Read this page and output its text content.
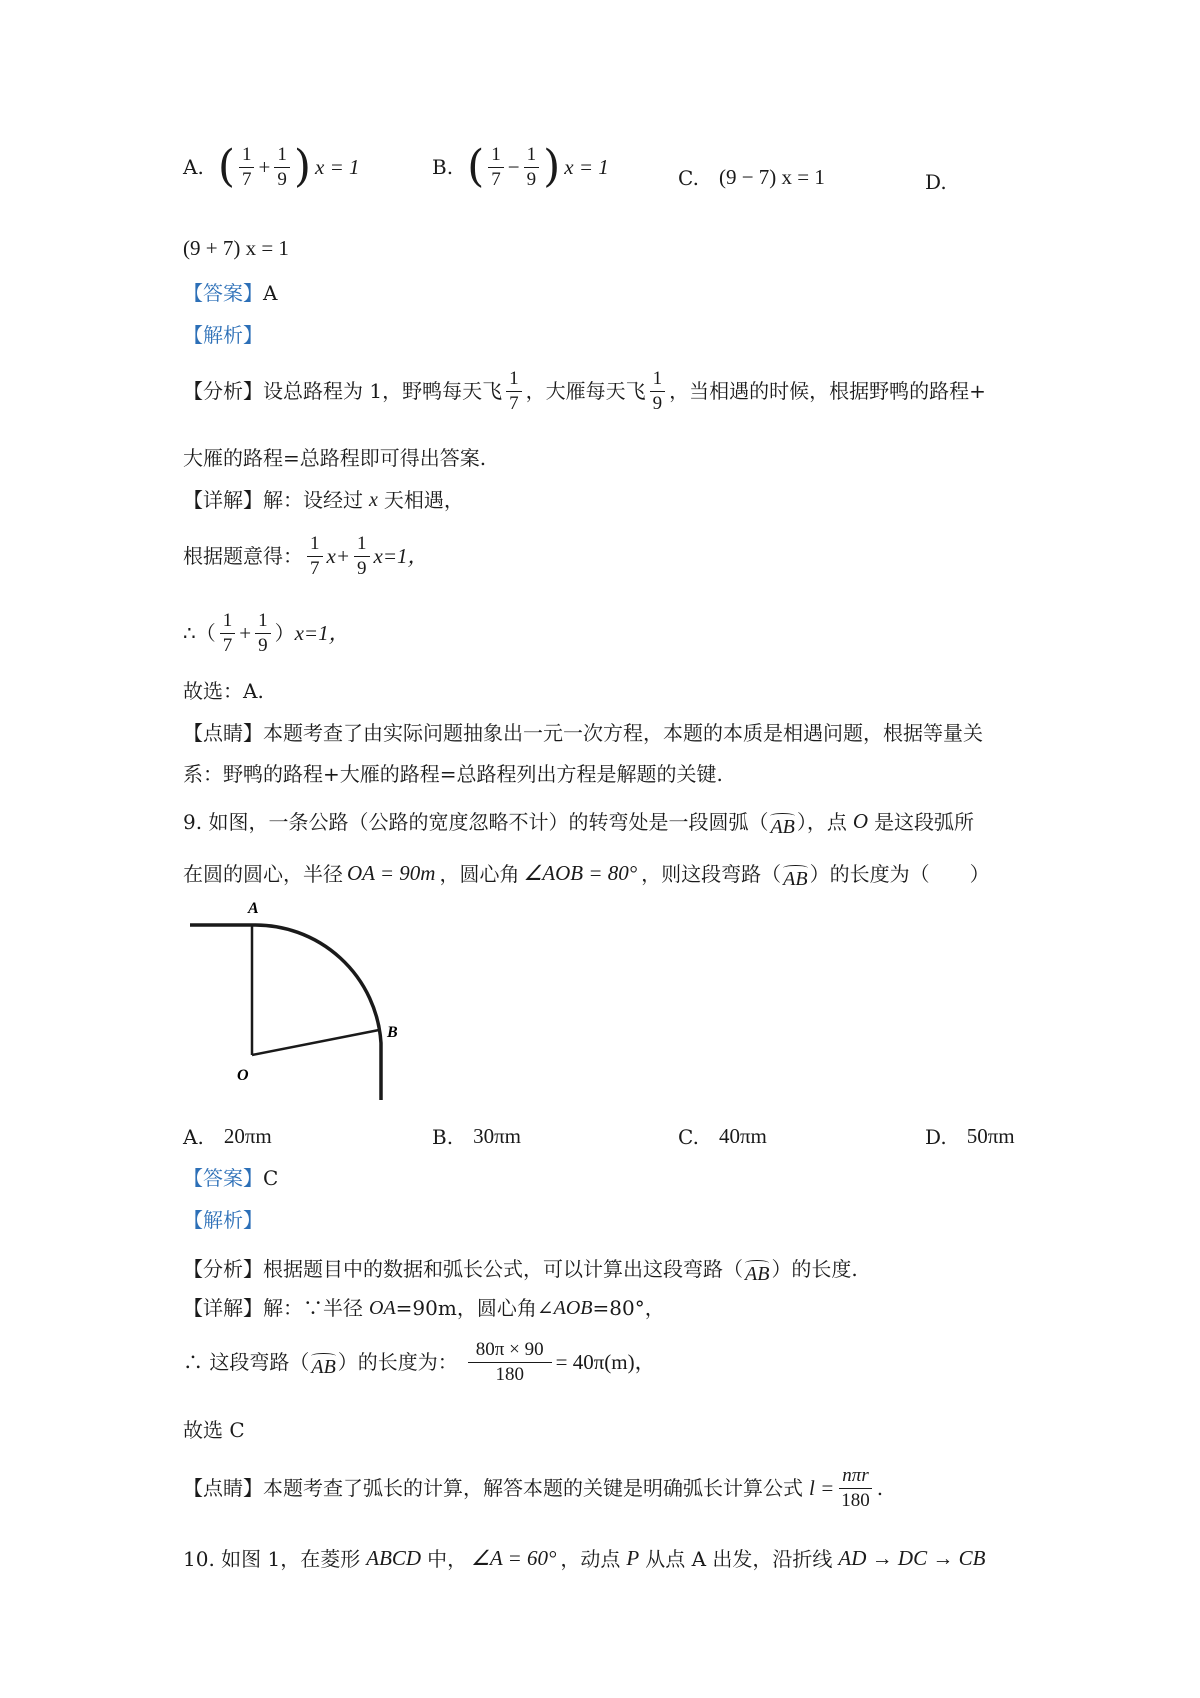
A. ( $\frac{1}{7} + \frac{1}{9}$ ) x = 1	B. ( $\frac{1}{7} - \frac{1}{9}$ ) x = 1	C. (9 − 7) x = 1	D.
(9 + 7) x = 1
【答案】 A
【解析】
【分析】 设总路程为 1，野鸭每天飞 $\frac{1}{7}$ ，大雁每天飞 $\frac{1}{9}$ ，当相遇的时候，根据野鸭的路程+
大雁的路程=总路程即可得出答案.
【详解】 解：设经过 x 天相遇，
根据题意得： $\frac{1}{7} x+ \frac{1}{9} x=1$，
∴（ $\frac{1}{7} + \frac{1}{9}$ ） x=1，
故选：A.
【点睛】 本题考查了由实际问题抽象出一元一次方程，本题的本质是相遇问题，根据等量关
系：野鸭的路程+大雁的路程=总路程列出方程是解题的关键.
9. 如图，一条公路（公路的宽度忽略不计）的转弯处是一段圆弧（ AB ），点 O 是这段弧所
在圆的圆心，半径 OA = 90m ，圆心角 ∠AOB = 80° ，则这段弯路（ AB ）的长度为（　　）
A
B
O
A. 20πm	B. 30πm	C. 40πm	D. 50πm
【答案】 C
【解析】
【分析】 根据题目中的数据和弧长公式，可以计算出这段弯路（ AB ）的长度.
【详解】 解：∵半径 OA =90m，圆心角∠ AOB =80°，
∴ 这段弯路（ AB ）的长度为： $\frac{80\pi \times 90}{180} = 40\pi(m)$，
故选 C
【点睛】 本题考查了弧长的计算，解答本题的关键是明确弧长计算公式 $l = \frac{\text{nπr}}{180}$ .
10. 如图 1，在菱形 ABCD 中， ∠A = 60° ，动点 P 从点 A 出发，沿折线 AD → DC → CB
